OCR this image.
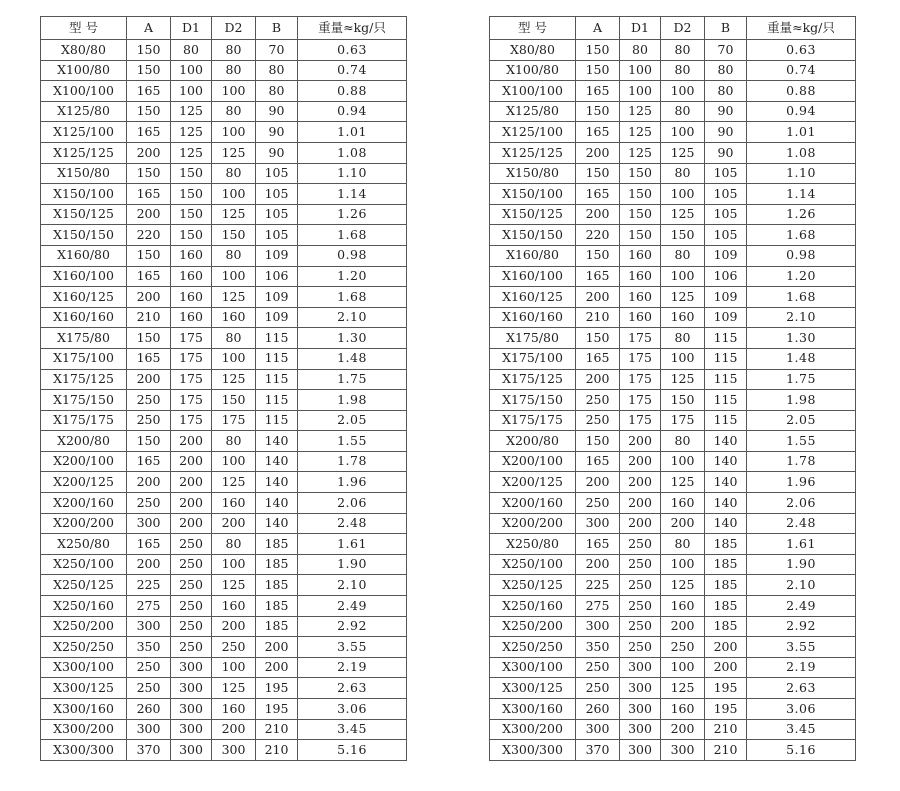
型 号	A	D1	D2	B	重量≈kg/只
X80/80	150	80	80	70	0.63
X100/80	150	100	80	80	0.74
X100/100	165	100	100	80	0.88
X125/80	150	125	80	90	0.94
X125/100	165	125	100	90	1.01
X125/125	200	125	125	90	1.08
X150/80	150	150	80	105	1.10
X150/100	165	150	100	105	1.14
X150/125	200	150	125	105	1.26
X150/150	220	150	150	105	1.68
X160/80	150	160	80	109	0.98
X160/100	165	160	100	106	1.20
X160/125	200	160	125	109	1.68
X160/160	210	160	160	109	2.10
X175/80	150	175	80	115	1.30
X175/100	165	175	100	115	1.48
X175/125	200	175	125	115	1.75
X175/150	250	175	150	115	1.98
X175/175	250	175	175	115	2.05
X200/80	150	200	80	140	1.55
X200/100	165	200	100	140	1.78
X200/125	200	200	125	140	1.96
X200/160	250	200	160	140	2.06
X200/200	300	200	200	140	2.48
X250/80	165	250	80	185	1.61
X250/100	200	250	100	185	1.90
X250/125	225	250	125	185	2.10
X250/160	275	250	160	185	2.49
X250/200	300	250	200	185	2.92
X250/250	350	250	250	200	3.55
X300/100	250	300	100	200	2.19
X300/125	250	300	125	195	2.63
X300/160	260	300	160	195	3.06
X300/200	300	300	200	210	3.45
X300/300	370	300	300	210	5.16
型 号	A	D1	D2	B	重量≈kg/只
X80/80	150	80	80	70	0.63
X100/80	150	100	80	80	0.74
X100/100	165	100	100	80	0.88
X125/80	150	125	80	90	0.94
X125/100	165	125	100	90	1.01
X125/125	200	125	125	90	1.08
X150/80	150	150	80	105	1.10
X150/100	165	150	100	105	1.14
X150/125	200	150	125	105	1.26
X150/150	220	150	150	105	1.68
X160/80	150	160	80	109	0.98
X160/100	165	160	100	106	1.20
X160/125	200	160	125	109	1.68
X160/160	210	160	160	109	2.10
X175/80	150	175	80	115	1.30
X175/100	165	175	100	115	1.48
X175/125	200	175	125	115	1.75
X175/150	250	175	150	115	1.98
X175/175	250	175	175	115	2.05
X200/80	150	200	80	140	1.55
X200/100	165	200	100	140	1.78
X200/125	200	200	125	140	1.96
X200/160	250	200	160	140	2.06
X200/200	300	200	200	140	2.48
X250/80	165	250	80	185	1.61
X250/100	200	250	100	185	1.90
X250/125	225	250	125	185	2.10
X250/160	275	250	160	185	2.49
X250/200	300	250	200	185	2.92
X250/250	350	250	250	200	3.55
X300/100	250	300	100	200	2.19
X300/125	250	300	125	195	2.63
X300/160	260	300	160	195	3.06
X300/200	300	300	200	210	3.45
X300/300	370	300	300	210	5.16
